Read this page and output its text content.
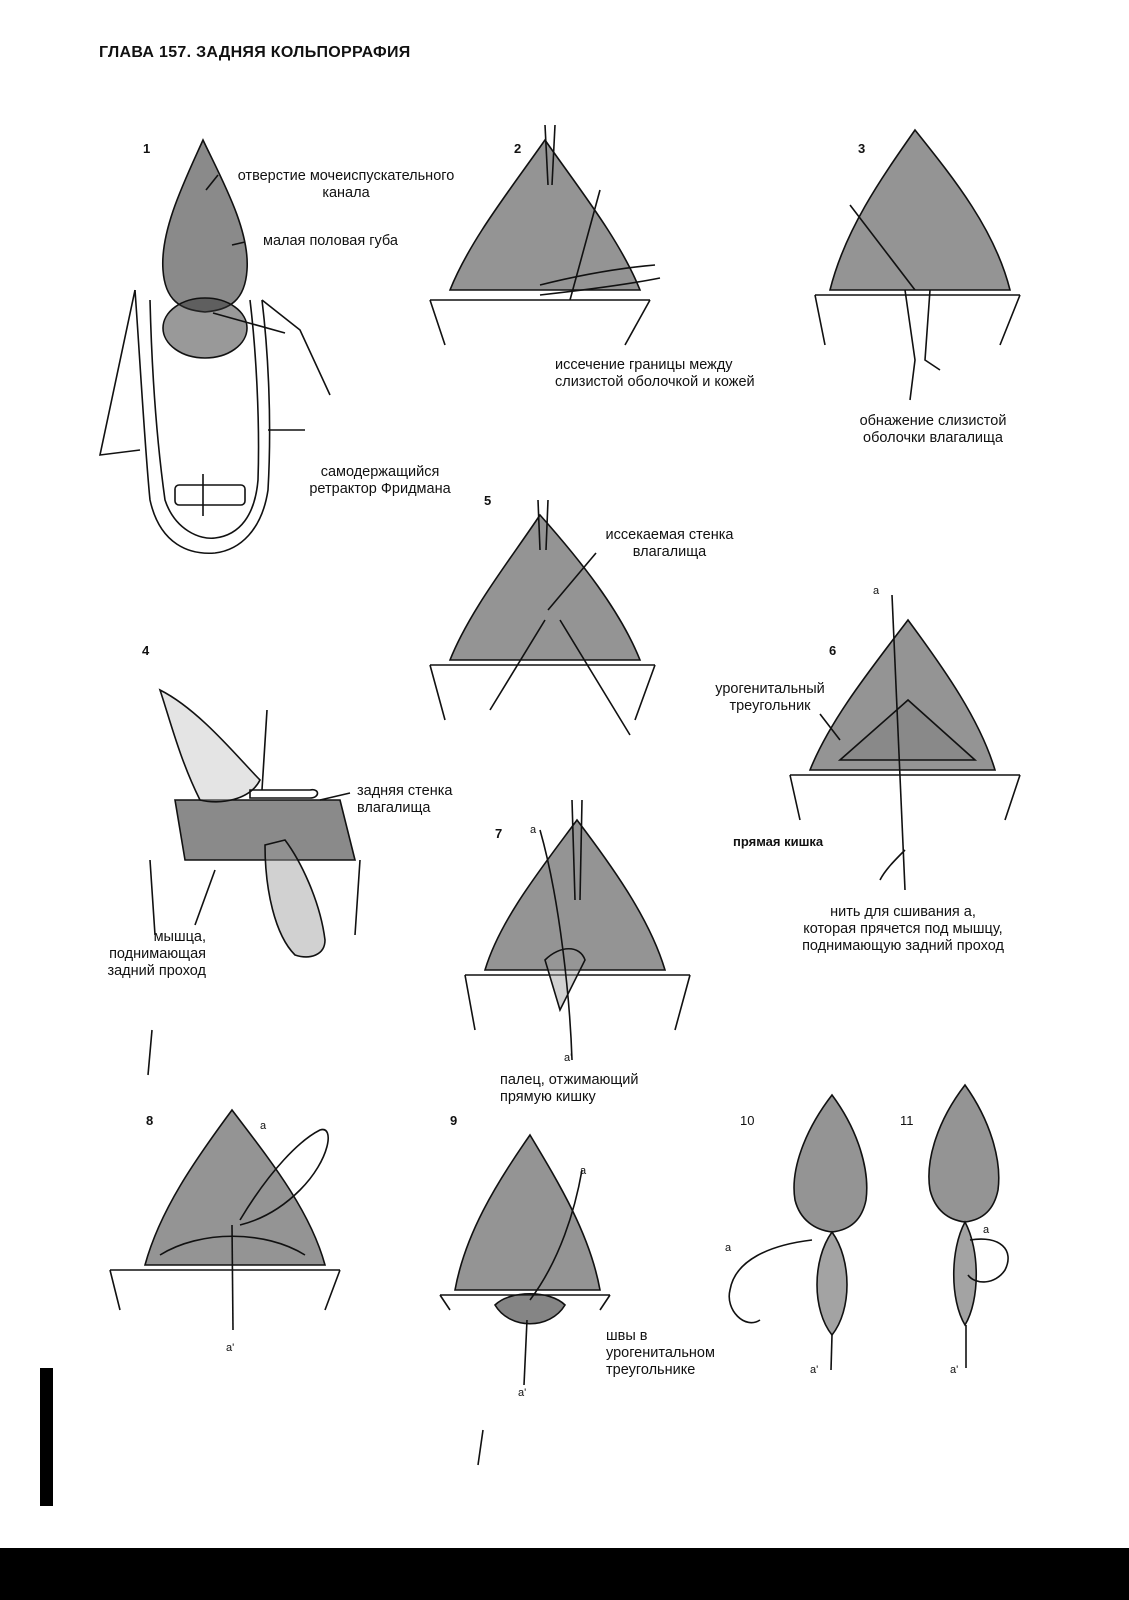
ГЛАВА 157. ЗАДНЯЯ КОЛЬПОРРАФИЯ
1	2	3
4
5
6
7
8	9	10	11
отверстие мочеиспускательного
канала
малая половая губа
самодержащийся
ретрактор Фридмана
иссечение границы между
слизистой оболочкой и кожей
обнажение слизистой
оболочки влагалища
задняя стенка
влагалища
мышца,
поднимающая
задний проход
иссекаемая стенка
влагалища
урогенитальный
треугольник
прямая кишка
нить для сшивания а,
которая прячется под мышцу,
поднимающую задний проход
палец, отжимающий
прямую кишку
швы в
урогенитальном
треугольнике
a
a
a'
a
a'
a
a'
a
a'
a
a'
